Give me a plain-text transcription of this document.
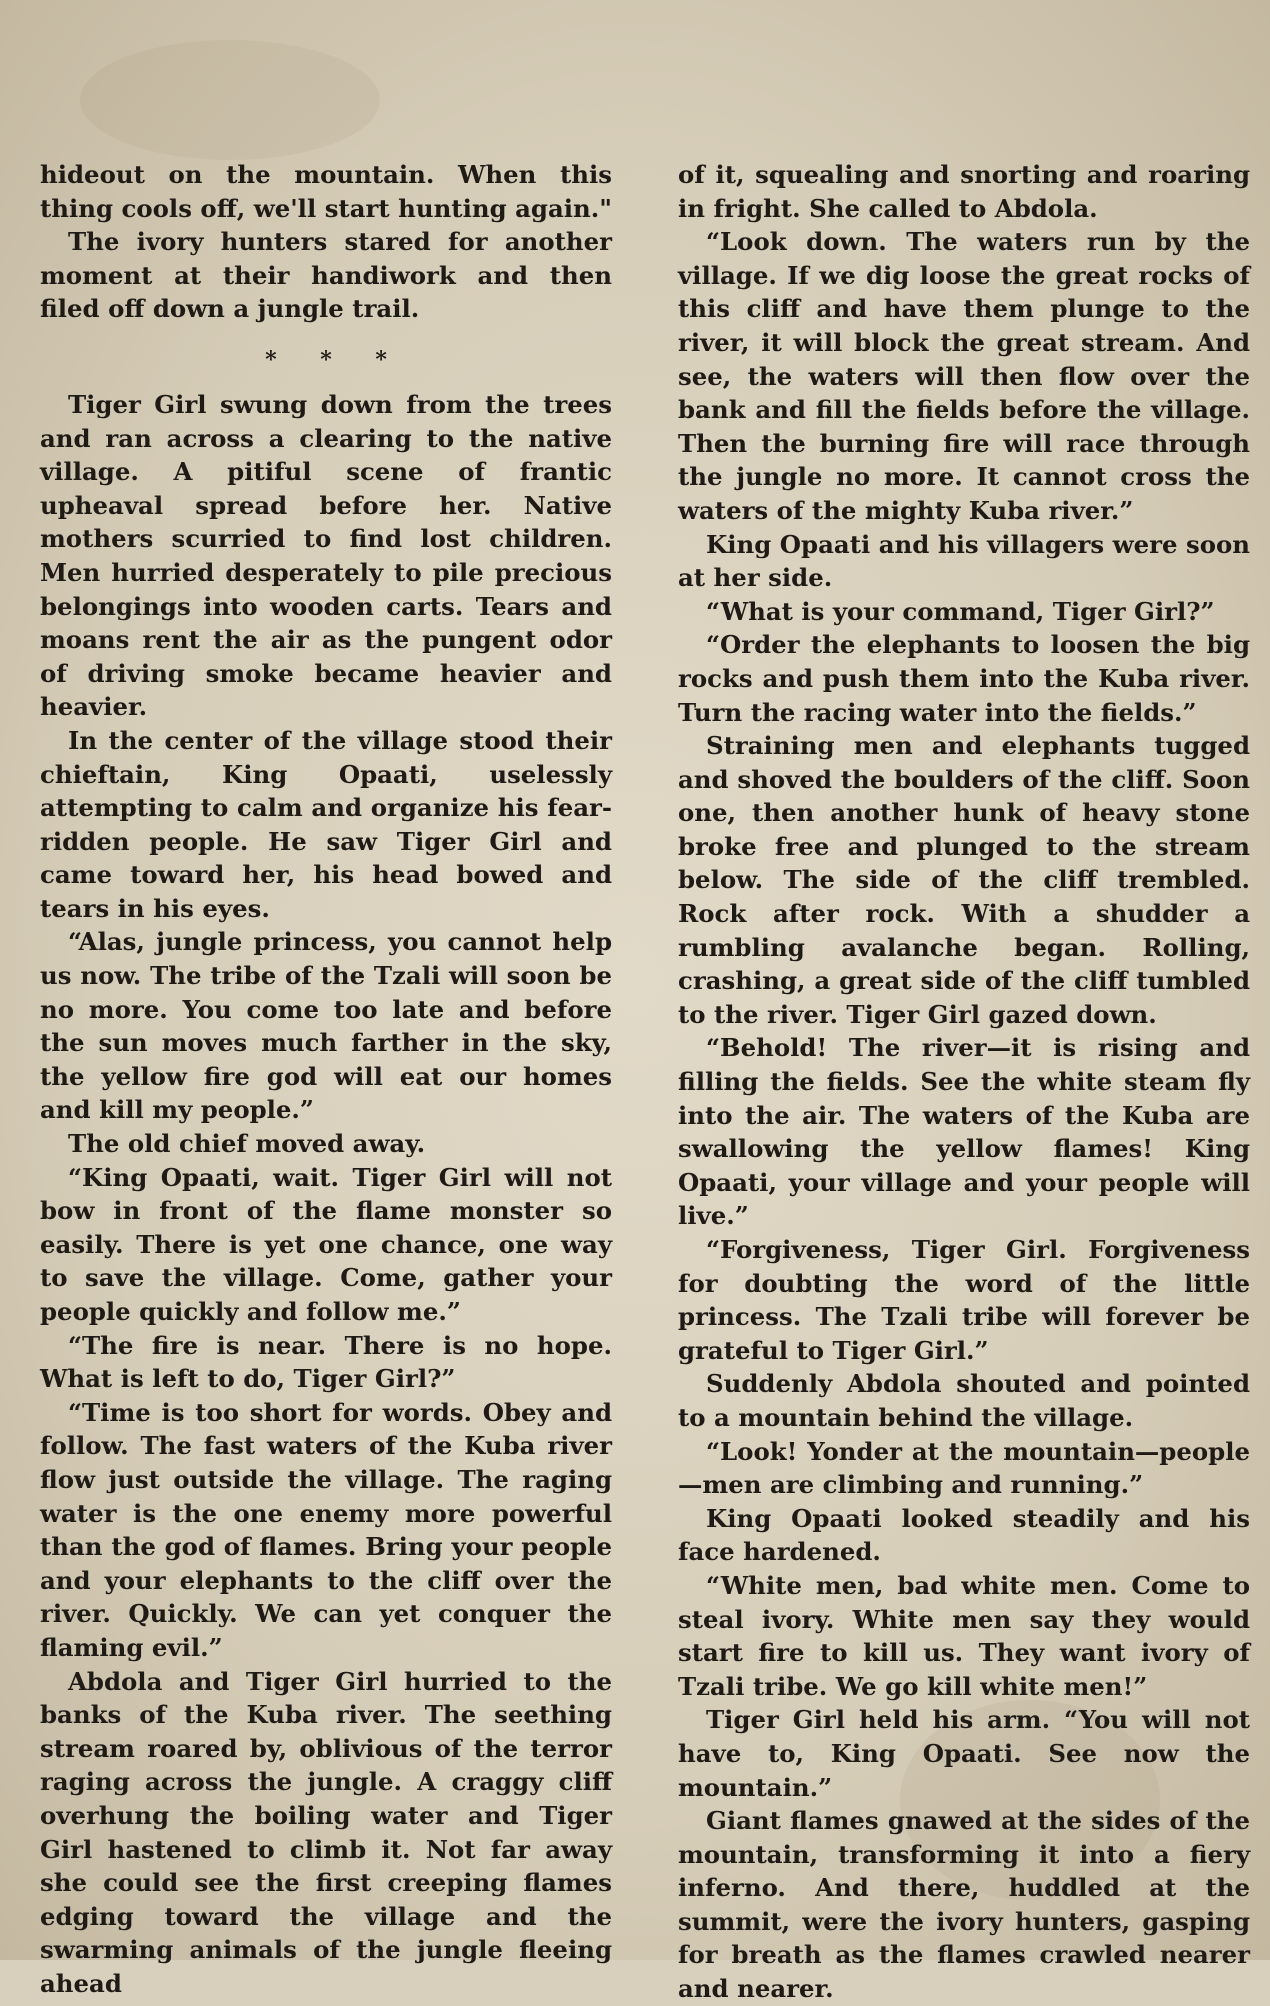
hideout on the mountain. When this thing cools off, we'll start hunting again."

The ivory hunters stared for another moment at their handiwork and then filed off down a jungle trail.

* * *

Tiger Girl swung down from the trees and ran across a clearing to the native village. A pitiful scene of frantic upheaval spread before her. Native mothers scurried to find lost children. Men hurried desperately to pile precious belongings into wooden carts. Tears and moans rent the air as the pungent odor of driving smoke became heavier and heavier.

In the center of the village stood their chieftain, King Opaati, uselessly attempting to calm and organize his fear-ridden people. He saw Tiger Girl and came toward her, his head bowed and tears in his eyes.

“Alas, jungle princess, you cannot help us now. The tribe of the Tzali will soon be no more. You come too late and before the sun moves much farther in the sky, the yellow fire god will eat our homes and kill my people.”

The old chief moved away.

“King Opaati, wait. Tiger Girl will not bow in front of the flame monster so easily. There is yet one chance, one way to save the village. Come, gather your people quickly and follow me.”

“The fire is near. There is no hope. What is left to do, Tiger Girl?”

“Time is too short for words. Obey and follow. The fast waters of the Kuba river flow just outside the village. The raging water is the one enemy more powerful than the god of flames. Bring your people and your elephants to the cliff over the river. Quickly. We can yet conquer the flaming evil.”

Abdola and Tiger Girl hurried to the banks of the Kuba river. The seething stream roared by, oblivious of the terror raging across the jungle. A craggy cliff overhung the boiling water and Tiger Girl hastened to climb it. Not far away she could see the first creeping flames edging toward the village and the swarming animals of the jungle fleeing ahead

of it, squealing and snorting and roaring in fright. She called to Abdola.

“Look down. The waters run by the village. If we dig loose the great rocks of this cliff and have them plunge to the river, it will block the great stream. And see, the waters will then flow over the bank and fill the fields before the village. Then the burning fire will race through the jungle no more. It cannot cross the waters of the mighty Kuba river.”

King Opaati and his villagers were soon at her side.

“What is your command, Tiger Girl?”

“Order the elephants to loosen the big rocks and push them into the Kuba river. Turn the racing water into the fields.”

Straining men and elephants tugged and shoved the boulders of the cliff. Soon one, then another hunk of heavy stone broke free and plunged to the stream below. The side of the cliff trembled. Rock after rock. With a shudder a rumbling avalanche began. Rolling, crashing, a great side of the cliff tumbled to the river. Tiger Girl gazed down.

“Behold! The river—it is rising and filling the fields. See the white steam fly into the air. The waters of the Kuba are swallowing the yellow flames! King Opaati, your village and your people will live.”

“Forgiveness, Tiger Girl. Forgiveness for doubting the word of the little princess. The Tzali tribe will forever be grateful to Tiger Girl.”

Suddenly Abdola shouted and pointed to a mountain behind the village.

“Look! Yonder at the mountain—people—men are climbing and running.”

King Opaati looked steadily and his face hardened.

“White men, bad white men. Come to steal ivory. White men say they would start fire to kill us. They want ivory of Tzali tribe. We go kill white men!”

Tiger Girl held his arm. “You will not have to, King Opaati. See now the mountain.”

Giant flames gnawed at the sides of the mountain, transforming it into a fiery inferno. And there, huddled at the summit, were the ivory hunters, gasping for breath as the flames crawled nearer and nearer.
